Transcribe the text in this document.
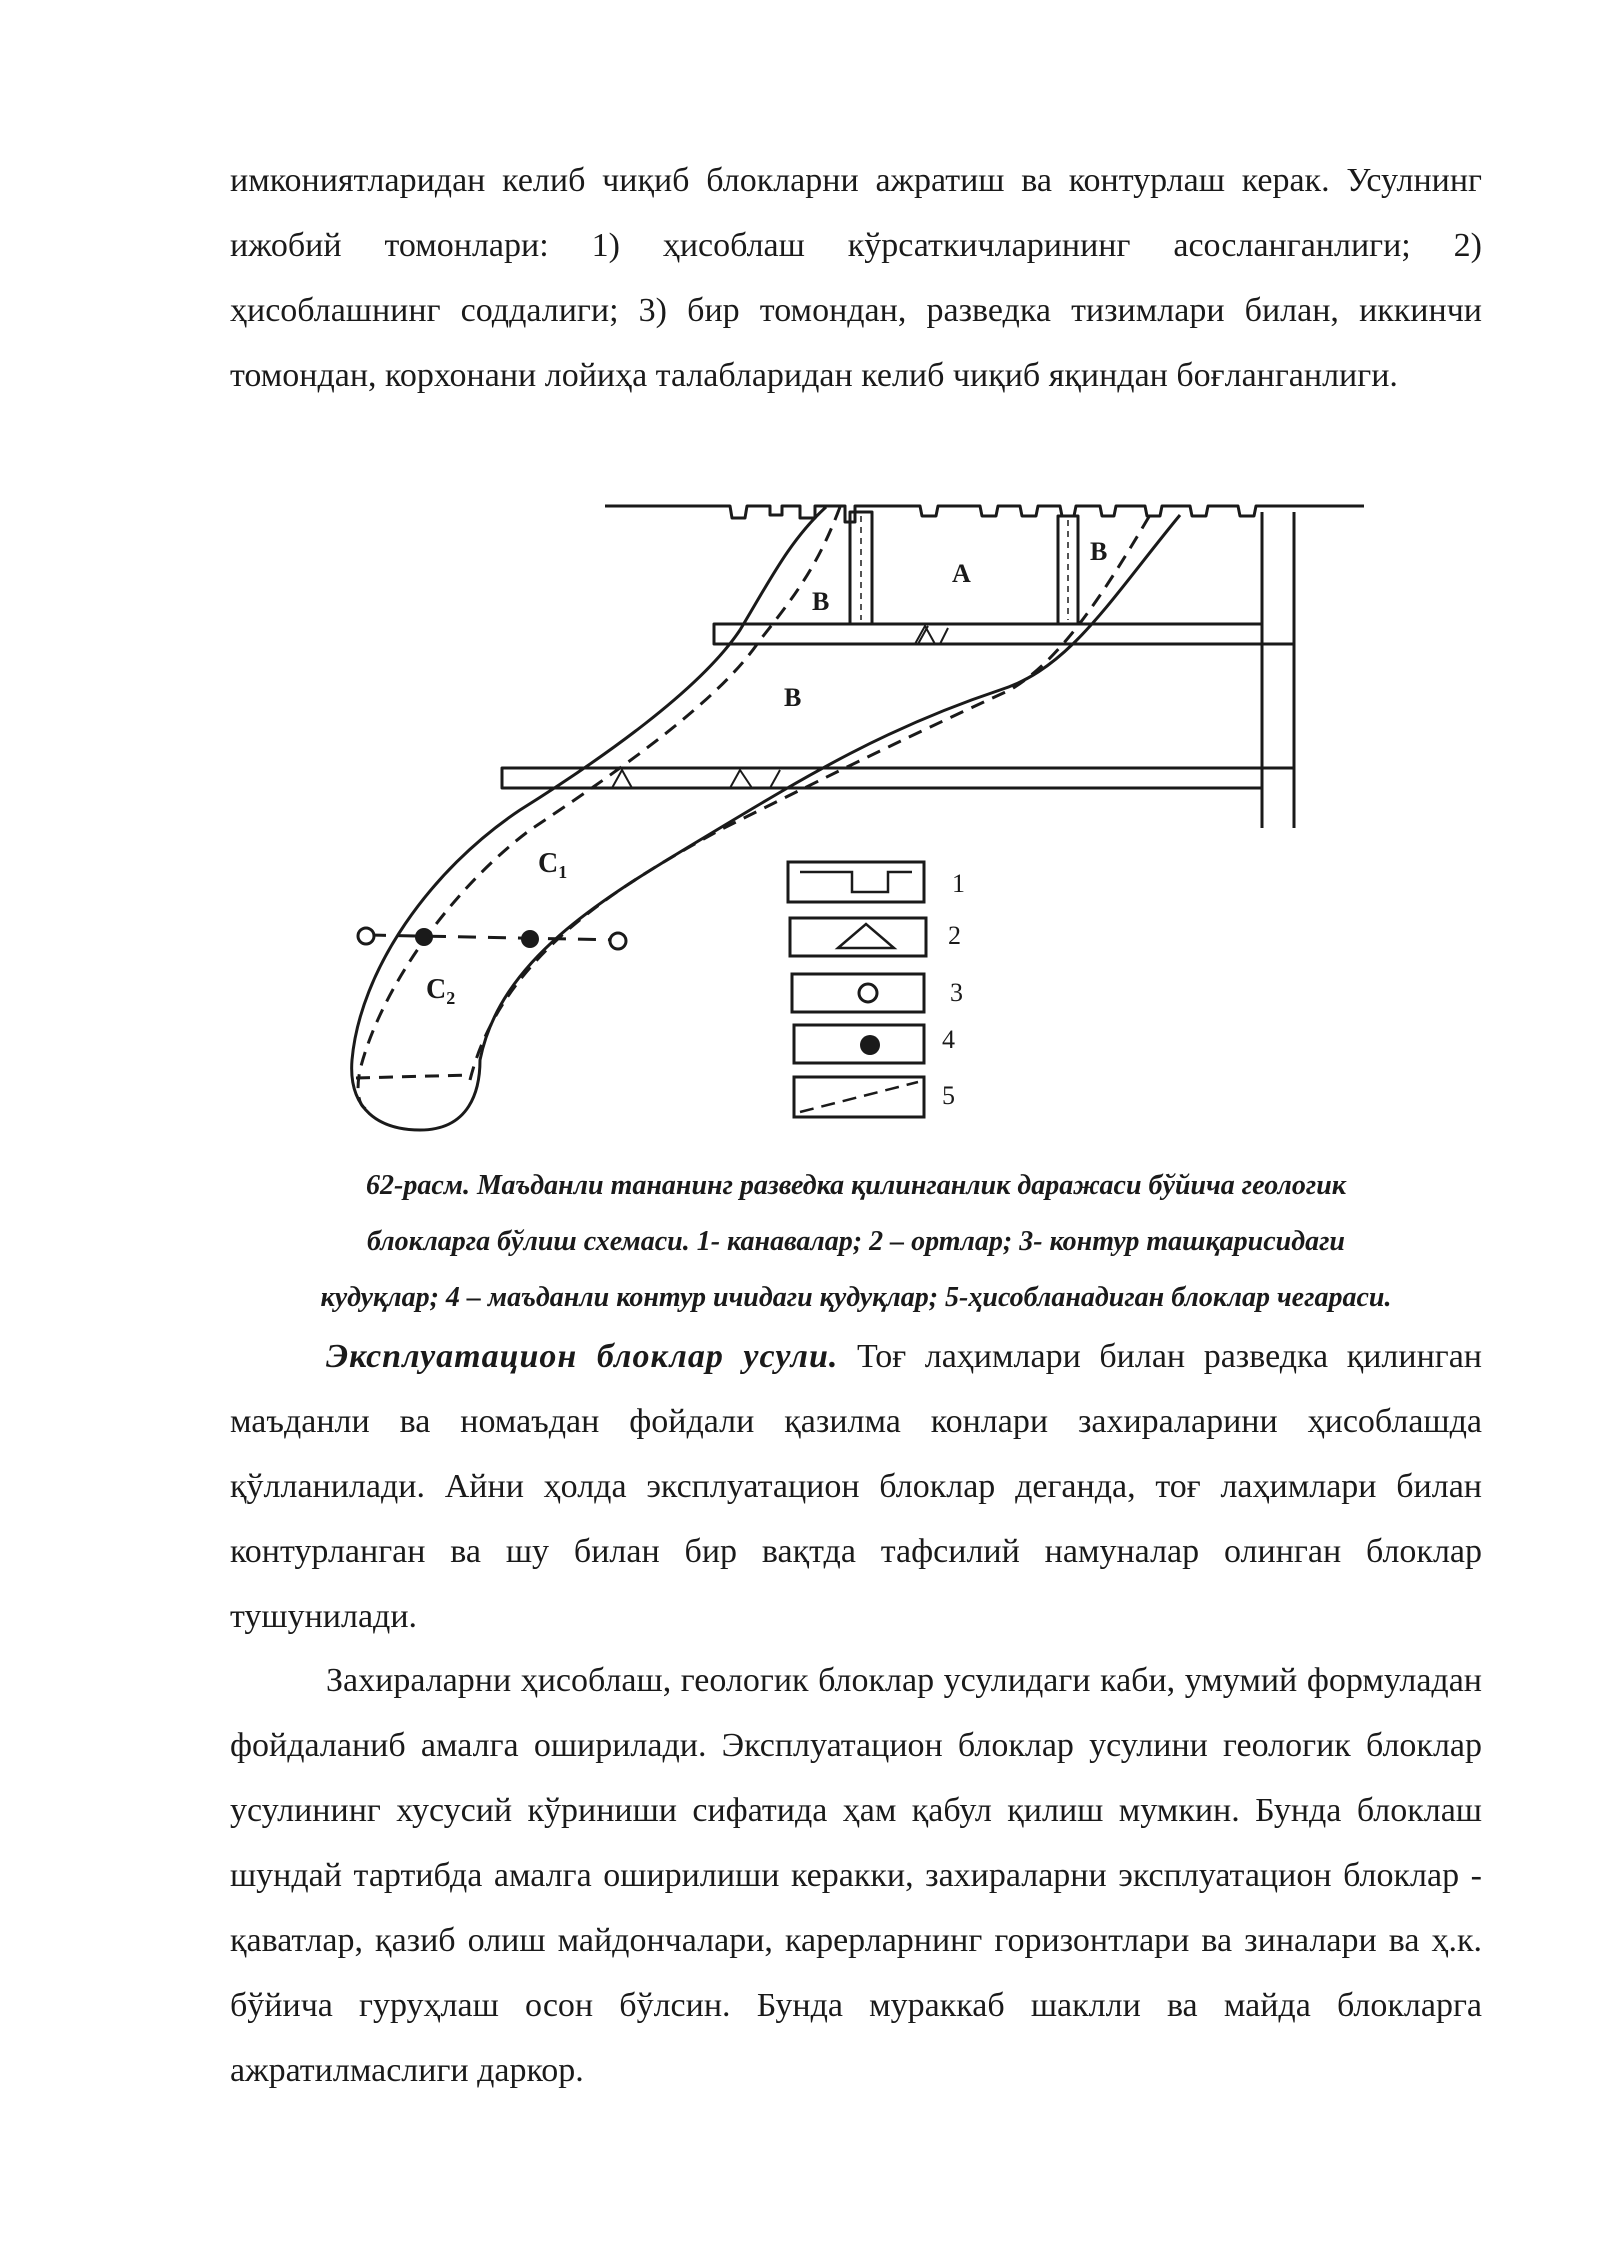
имкониятларидан келиб чиқиб блокларни ажратиш ва контурлаш керак. Усулнинг ижобий томонлари: 1) ҳисоблаш кўрсаткичларининг асосланганлиги; 2) ҳисоблашнинг соддалиги; 3) бир томондан, разведка тизимлари билан, иккинчи томондан, корхонани лойиҳа талабларидан келиб чиқиб яқиндан боғланганлиги.

A
B
B
B
$C_1$
$C_2$
1
2
3
4
5

62-расм. Маъданли тананинг разведка қилинганлик даражаси бўйича геологик

блокларга бўлиш схемаси. 1- канавалар; 2 – ортлар; 3- контур ташқарисидаги

кудуқлар; 4 – маъданли контур ичидаги қудуқлар; 5-ҳисобланадиган блоклар чегараси.

Эксплуатацион блоклар усули. Тоғ лаҳимлари билан разведка қилинган маъданли ва номаъдан фойдали қазилма конлари захираларини ҳисоблашда қўлланилади. Айни ҳолда эксплуатацион блоклар деганда, тоғ лаҳимлари билан контурланган ва шу билан бир вақтда тафсилий намуналар олинган блоклар тушунилади.

Захираларни ҳисоблаш, геологик блоклар усулидаги каби, умумий формуладан фойдаланиб амалга оширилади. Эксплуатацион блоклар усулини геологик блоклар усулининг хусусий кўриниши сифатида ҳам қабул қилиш мумкин. Бунда блоклаш шундай тартибда амалга оширилиши керакки, захираларни эксплуатацион блоклар - қаватлар, қазиб олиш майдончалари, карерларнинг горизонтлари ва зиналари ва ҳ.к. бўйича гуруҳлаш осон бўлсин. Бунда мураккаб шаклли ва майда блокларга ажратилмаслиги даркор.
